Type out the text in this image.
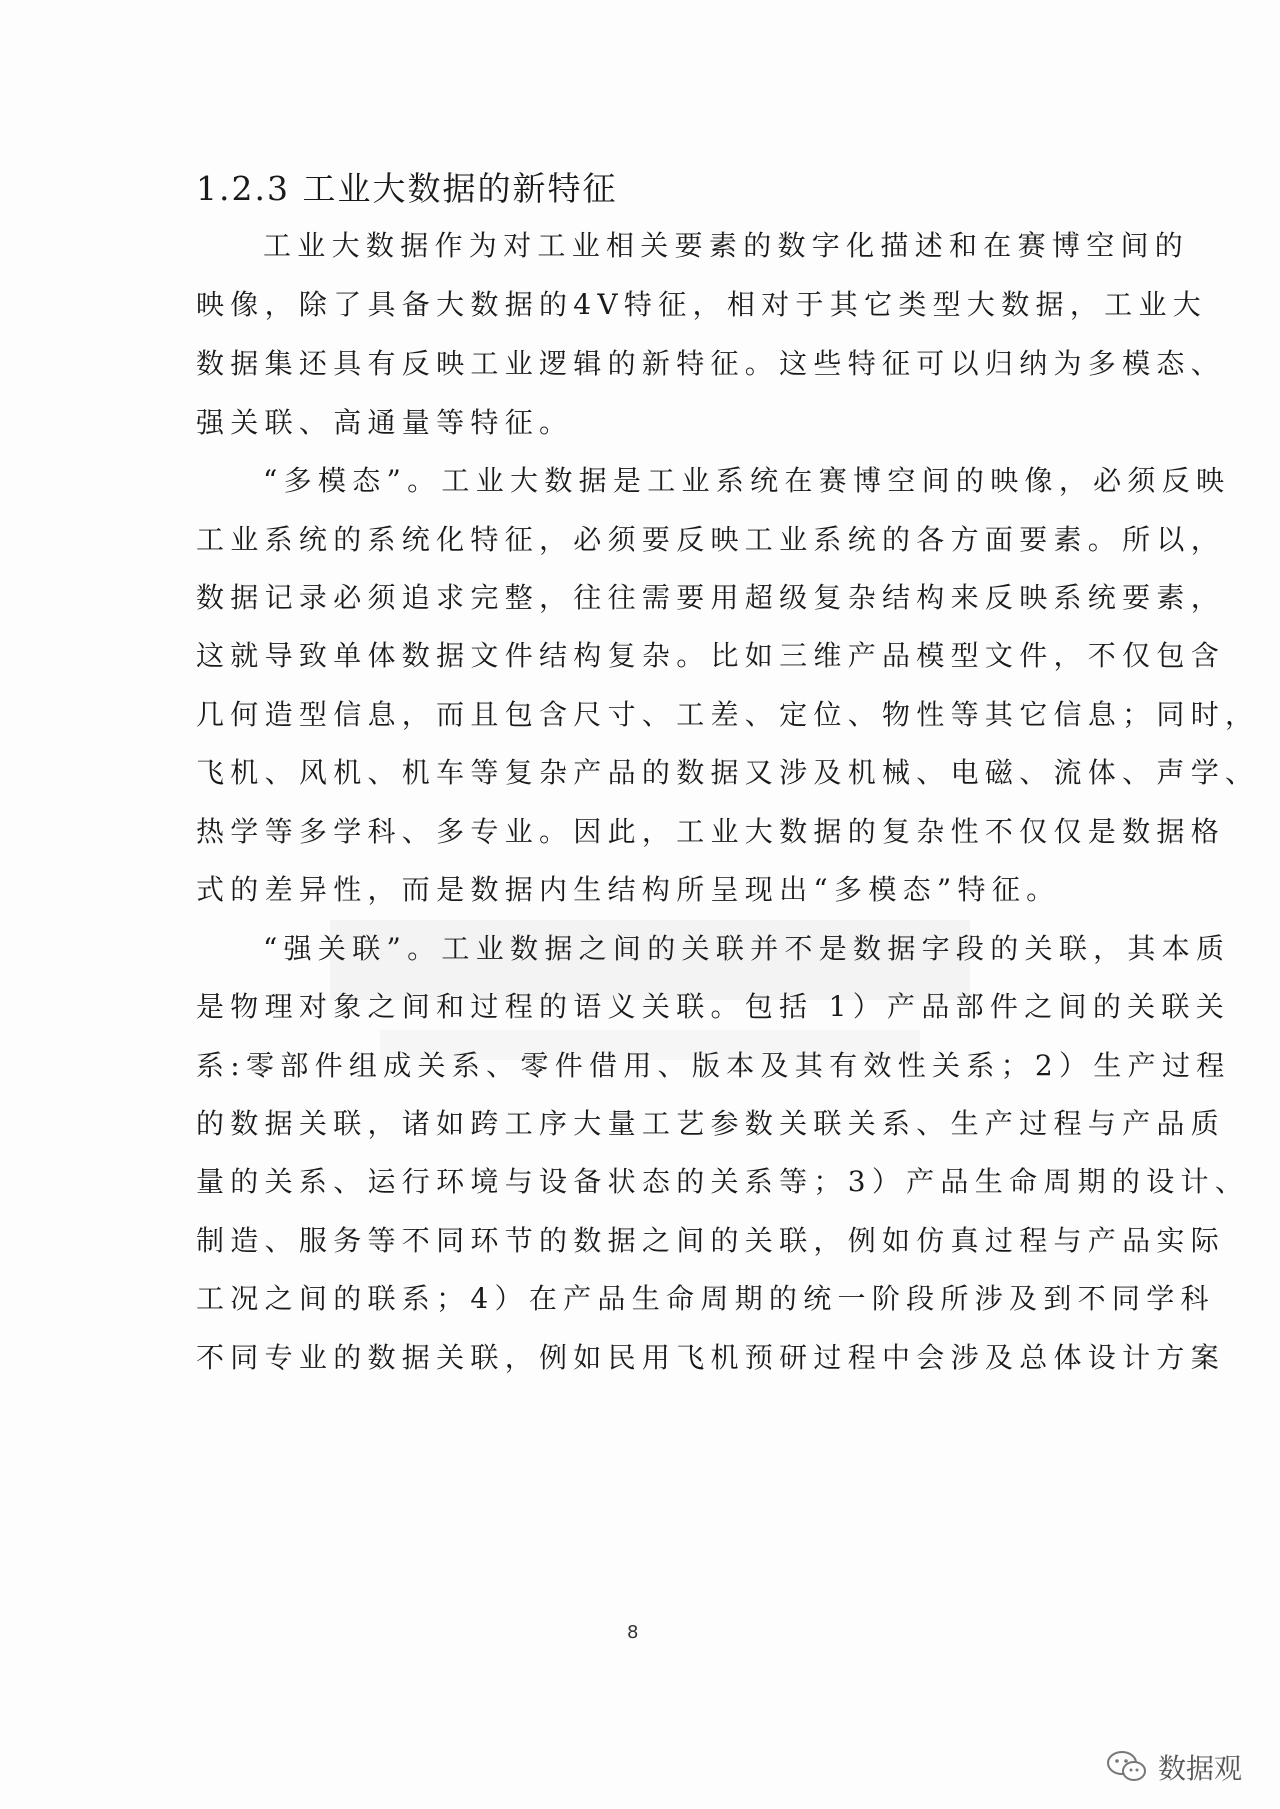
1.2.3 工业大数据的新特征
工业大数据作为对工业相关要素的数字化描述和在赛博空间的
映像，除了具备大数据的4V特征，相对于其它类型大数据，工业大
数据集还具有反映工业逻辑的新特征。这些特征可以归纳为多模态、
强关联、高通量等特征。
“多模态”。工业大数据是工业系统在赛博空间的映像，必须反映
工业系统的系统化特征，必须要反映工业系统的各方面要素。所以，
数据记录必须追求完整，往往需要用超级复杂结构来反映系统要素，
这就导致单体数据文件结构复杂。比如三维产品模型文件，不仅包含
几何造型信息，而且包含尺寸、工差、定位、物性等其它信息；同时，
飞机、风机、机车等复杂产品的数据又涉及机械、电磁、流体、声学、
热学等多学科、多专业。因此，工业大数据的复杂性不仅仅是数据格
式的差异性，而是数据内生结构所呈现出“多模态”特征。
“强关联”。工业数据之间的关联并不是数据字段的关联，其本质
是物理对象之间和过程的语义关联。包括 1）产品部件之间的关联关
系:零部件组成关系、零件借用、版本及其有效性关系；2）生产过程
的数据关联，诸如跨工序大量工艺参数关联关系、生产过程与产品质
量的关系、运行环境与设备状态的关系等；3）产品生命周期的设计、
制造、服务等不同环节的数据之间的关联，例如仿真过程与产品实际
工况之间的联系；4）在产品生命周期的统一阶段所涉及到不同学科
不同专业的数据关联，例如民用飞机预研过程中会涉及总体设计方案
8
数据观
